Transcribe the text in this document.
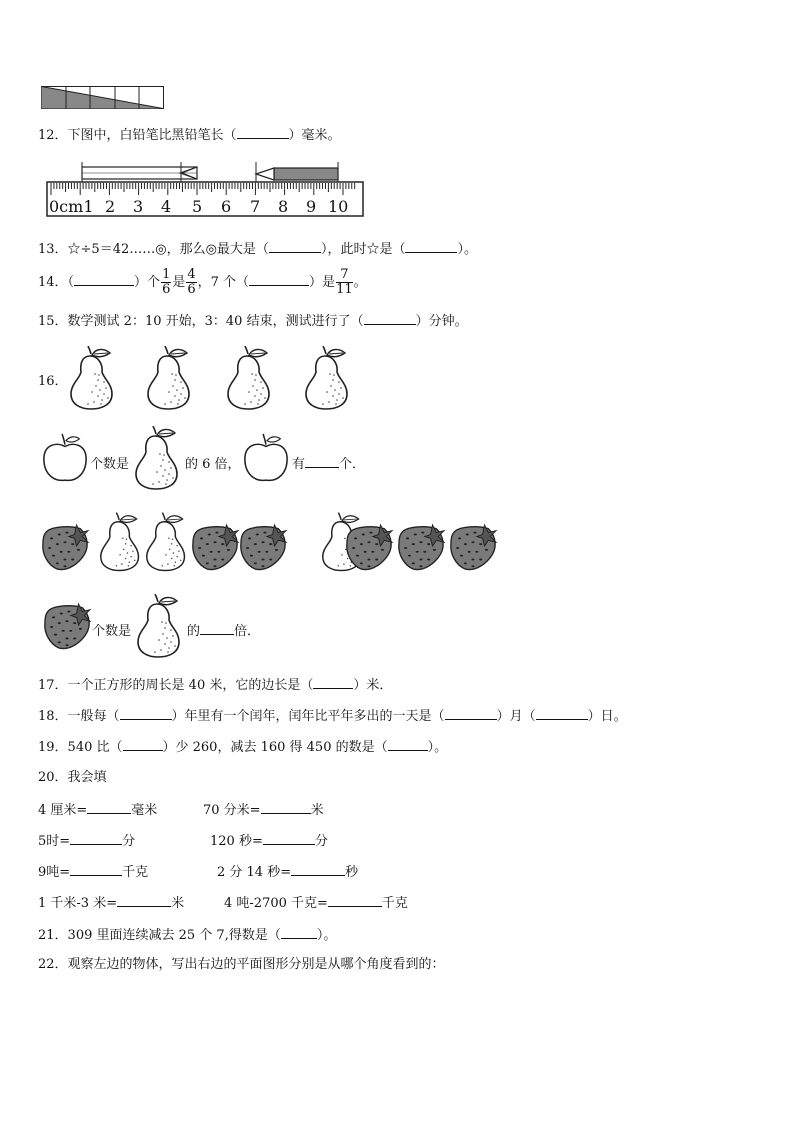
12．下图中，白铅笔比黑铅笔长（	）毫米。
0cm1 2 3 4 5 6 7 8 9 10
13．☆÷5＝42……◎，那么◎最大是（	），此时☆是（	）。
14．（	）个 $\frac{1}{6}$ 是 $\frac{4}{6}$ ，7 个（	）是 $\frac{7}{11}$ 。
15．数学测试 2：10 开始，3：40 结束，测试进行了（	）分钟。
16．
个数是	的 6 倍，	有	个．
个数是	的	倍．
17．一个正方形的周长是 40 米，它的边长是（	）米．
18．一般每（	）年里有一个闰年，闰年比平年多出的一天是（	）月（	）日。
19．540 比（	）少 260，减去 160 得 450 的数是（	）。
20．我会填
4 厘米=	毫米	70 分米=	米
5时=	分	120 秒=	分
9吨=	千克	2 分 14 秒=	秒
1 千米-3 米=	米	4 吨-2700 千克=	千克
21．309 里面连续减去 25 个 7,得数是（	）。
22．观察左边的物体，写出右边的平面图形分别是从哪个角度看到的：
